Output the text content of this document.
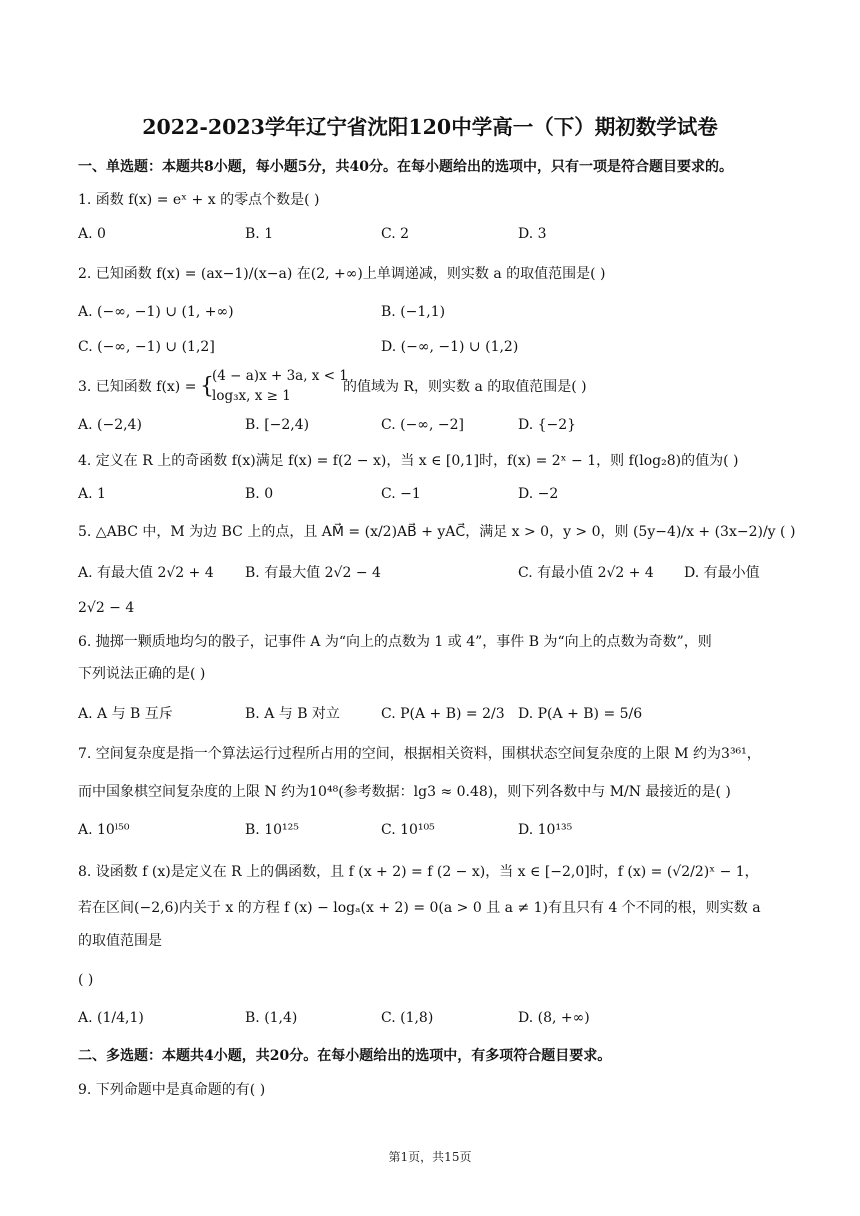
2022-2023学年辽宁省沈阳120中学高一（下）期初数学试卷
一、单选题：本题共8小题，每小题5分，共40分。在每小题给出的选项中，只有一项是符合题目要求的。
1. 函数 f(x) = eˣ + x 的零点个数是( )
A. 0	B. 1	C. 2	D. 3
2. 已知函数 f(x) = (ax−1)/(x−a) 在(2, +∞)上单调递减，则实数 a 的取值范围是( )
A. (−∞, −1) ∪ (1, +∞)	B. (−1,1)
C. (−∞, −1) ∪ (1,2]	D. (−∞, −1) ∪ (1,2)
3. 已知函数 f(x) = {
(4 − a)x + 3a, x < 1
log₃x, x ≥ 1
的值域为 R，则实数 a 的取值范围是( )
A. (−2,4)	B. [−2,4)	C. (−∞, −2]	D. {−2}
4. 定义在 R 上的奇函数 f(x)满足 f(x) = f(2 − x)，当 x ∈ [0,1]时，f(x) = 2ˣ − 1，则 f(log₂8)的值为( )
A. 1	B. 0	C. −1	D. −2
5. △ABC 中，M 为边 BC 上的点，且 AM⃗ = (x/2)AB⃗ + yAC⃗，满足 x > 0，y > 0，则 (5y−4)/x + (3x−2)/y ( )
A. 有最大值 2√2 + 4 B. 有最大值 2√2 − 4	C. 有最小值 2√2 + 4 D. 有最小值
2√2 − 4
6. 抛掷一颗质地均匀的骰子，记事件 A 为“向上的点数为 1 或 4”，事件 B 为“向上的点数为奇数”，则
下列说法正确的是( )
A. A 与 B 互斥	B. A 与 B 对立	C. P(A + B) = 2/3 D. P(A + B) = 5/6
7. 空间复杂度是指一个算法运行过程所占用的空间，根据相关资料，围棋状态空间复杂度的上限 M 约为3³⁶¹，
而中国象棋空间复杂度的上限 N 约为10⁴⁸(参考数据：lg3 ≈ 0.48)，则下列各数中与 M/N 最接近的是( )
A. 10ˡ⁵⁰	B. 10¹²⁵	C. 10¹⁰⁵	D. 10¹³⁵
8. 设函数 f (x)是定义在 R 上的偶函数，且 f (x + 2) = f (2 − x)，当 x ∈ [−2,0]时，f (x) = (√2/2)ˣ − 1，
若在区间(−2,6)内关于 x 的方程 f (x) − logₐ(x + 2) = 0(a > 0 且 a ≠ 1)有且只有 4 个不同的根，则实数 a
的取值范围是
( )
A. (1/4,1)	B. (1,4)	C. (1,8)	D. (8, +∞)
二、多选题：本题共4小题，共20分。在每小题给出的选项中，有多项符合题目要求。
9. 下列命题中是真命题的有( )
第1页，共15页
